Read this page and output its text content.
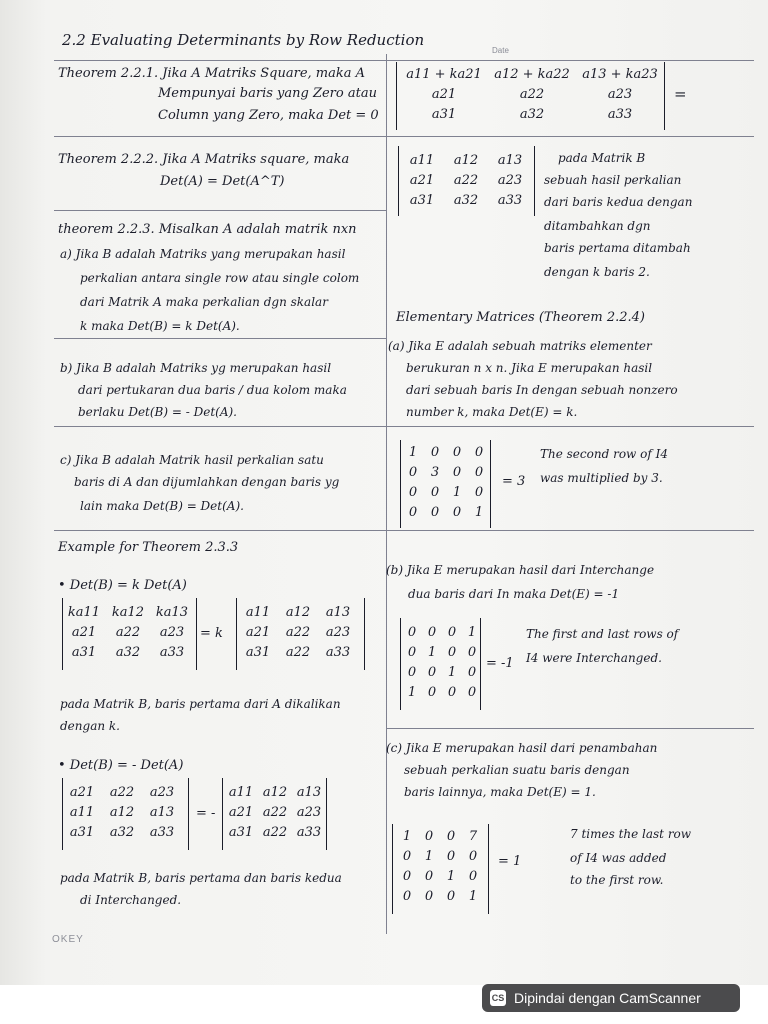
2.2 Evaluating Determinants by Row Reduction
Date
Theorem 2.2.1. Jika A Matriks Square, maka A
Mempunyai baris yang Zero atau
Column yang Zero, maka Det = 0
a11 + ka21	a12 + ka22	a13 + ka23
a21	a22	a23
a31	a32	a33
=
Theorem 2.2.2. Jika A Matriks square, maka
Det(A) = Det(A^T)
a11	a12	a13
a21	a22	a23
a31	a32	a33
pada Matrik B
sebuah hasil perkalian
dari baris kedua dengan
ditambahkan dgn
baris pertama ditambah
dengan k baris 2.
theorem 2.2.3. Misalkan A adalah matrik nxn
a) Jika B adalah Matriks yang merupakan hasil
perkalian antara single row atau single colom
dari Matrik A maka perkalian dgn skalar
k maka Det(B) = k Det(A).
b) Jika B adalah Matriks yg merupakan hasil
dari pertukaran dua baris / dua kolom maka
berlaku Det(B) = - Det(A).
c) Jika B adalah Matrik hasil perkalian satu
baris di A dan dijumlahkan dengan baris yg
lain maka Det(B) = Det(A).
Elementary Matrices (Theorem 2.2.4)
(a) Jika E adalah sebuah matriks elementer
berukuran n x n. Jika E merupakan hasil
dari sebuah baris In dengan sebuah nonzero
number k, maka Det(E) = k.
1	0	0	0
0	3	0	0
0	0	1	0
0	0	0	1
= 3
The second row of I4
was multiplied by 3.
Example for Theorem 2.3.3
• Det(B) = k Det(A)
ka11	ka12	ka13
a21	a22	a23
a31	a32	a33
= k
a11	a12	a13
a21	a22	a23
a31	a22	a33
pada Matrik B, baris pertama dari A dikalikan
dengan k.
• Det(B) = - Det(A)
a21	a22	a23
a11	a12	a13
a31	a32	a33
= -
a11	a12	a13
a21	a22	a23
a31	a22	a33
pada Matrik B, baris pertama dan baris kedua
di Interchanged.
(b) Jika E merupakan hasil dari Interchange
dua baris dari In maka Det(E) = -1
0	0	0	1
0	1	0	0
0	0	1	0
1	0	0	0
= -1
The first and last rows of
I4 were Interchanged.
(c) Jika E merupakan hasil dari penambahan
sebuah perkalian suatu baris dengan
baris lainnya, maka Det(E) = 1.
1	0	0	7
0	1	0	0
0	0	1	0
0	0	0	1
= 1
7 times the last row
of I4 was added
to the first row.
OKEY
CS Dipindai dengan CamScanner
